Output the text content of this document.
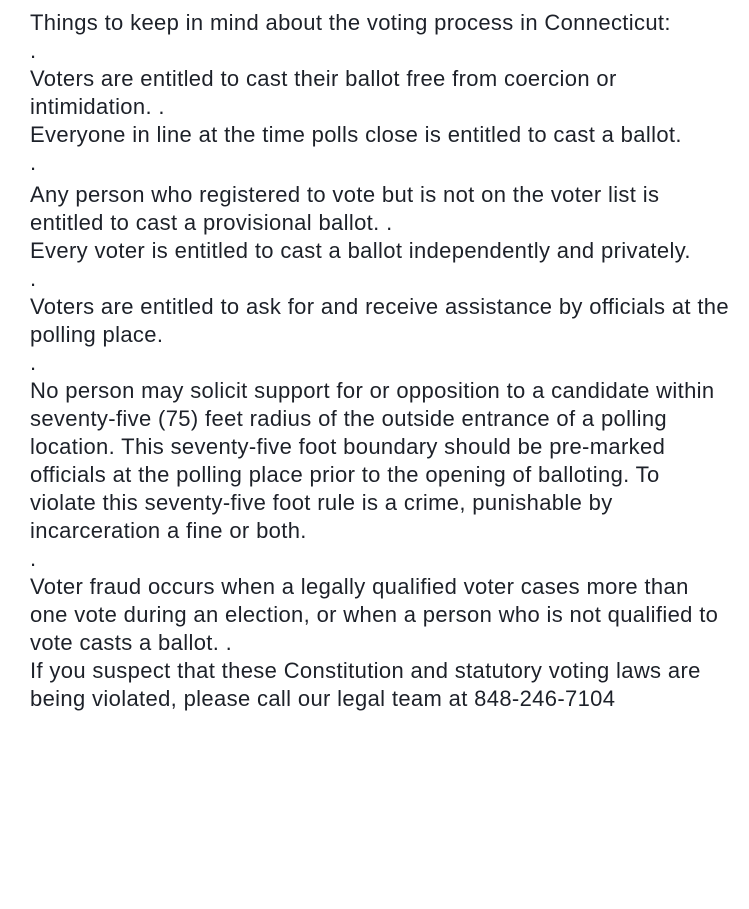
Things to keep in mind about the voting process in Connecticut:

.

Voters are entitled to cast their ballot free from coercion or intimidation. .

Everyone in line at the time polls close is entitled to cast a ballot.

.

Any person who registered to vote but is not on the voter list is entitled to cast a provisional ballot. .

Every voter is entitled to cast a ballot independently and privately.

.

Voters are entitled to ask for and receive assistance by officials at the polling place.

.

No person may solicit support for or opposition to a candidate within seventy-five (75) feet radius of the outside entrance of a polling location. This seventy-five foot boundary should be pre-marked officials at the polling place prior to the opening of balloting. To violate this seventy-five foot rule is a crime, punishable by incarceration a fine or both.

.

Voter fraud occurs when a legally qualified voter cases more than one vote during an election, or when a person who is not qualified to vote casts a ballot. .

If you suspect that these Constitution and statutory voting laws are being violated, please call our legal team at 848-246-7104
